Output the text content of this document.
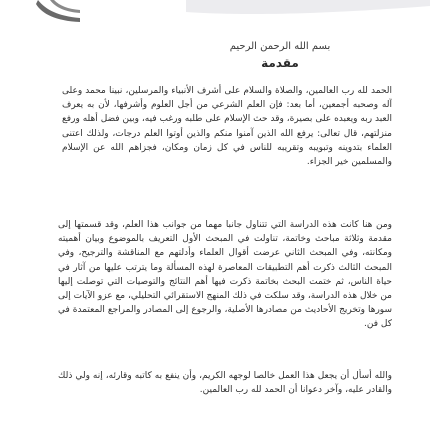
بسم الله الرحمن الرحيم

مقدمة

الحمد لله رب العالمين، والصلاة والسلام على أشرف الأنبياء والمرسلين، نبينا محمد وعلى آله وصحبه أجمعين، أما بعد: فإن العلم الشرعي من أجل العلوم وأشرفها، لأن به يعرف العبد ربه ويعبده على بصيرة، وقد حث الإسلام على طلبه ورغب فيه، وبين فضل أهله ورفع منزلتهم، قال تعالى: يرفع الله الذين آمنوا منكم والذين أوتوا العلم درجات، ولذلك اعتنى العلماء بتدوينه وتبويبه وتقريبه للناس في كل زمان ومكان، فجزاهم الله عن الإسلام والمسلمين خير الجزاء.

ومن هنا كانت هذه الدراسة التي تتناول جانبا مهما من جوانب هذا العلم، وقد قسمتها إلى مقدمة وثلاثة مباحث وخاتمة، تناولت في المبحث الأول التعريف بالموضوع وبيان أهميته ومكانته، وفي المبحث الثاني عرضت أقوال العلماء وأدلتهم مع المناقشة والترجيح، وفي المبحث الثالث ذكرت أهم التطبيقات المعاصرة لهذه المسألة وما يترتب عليها من آثار في حياة الناس، ثم ختمت البحث بخاتمة ذكرت فيها أهم النتائج والتوصيات التي توصلت إليها من خلال هذه الدراسة، وقد سلكت في ذلك المنهج الاستقرائي التحليلي، مع عزو الآيات إلى سورها وتخريج الأحاديث من مصادرها الأصلية، والرجوع إلى المصادر والمراجع المعتمدة في كل فن.

والله أسأل أن يجعل هذا العمل خالصا لوجهه الكريم، وأن ينفع به كاتبه وقارئه، إنه ولي ذلك والقادر عليه، وآخر دعوانا أن الحمد لله رب العالمين.
